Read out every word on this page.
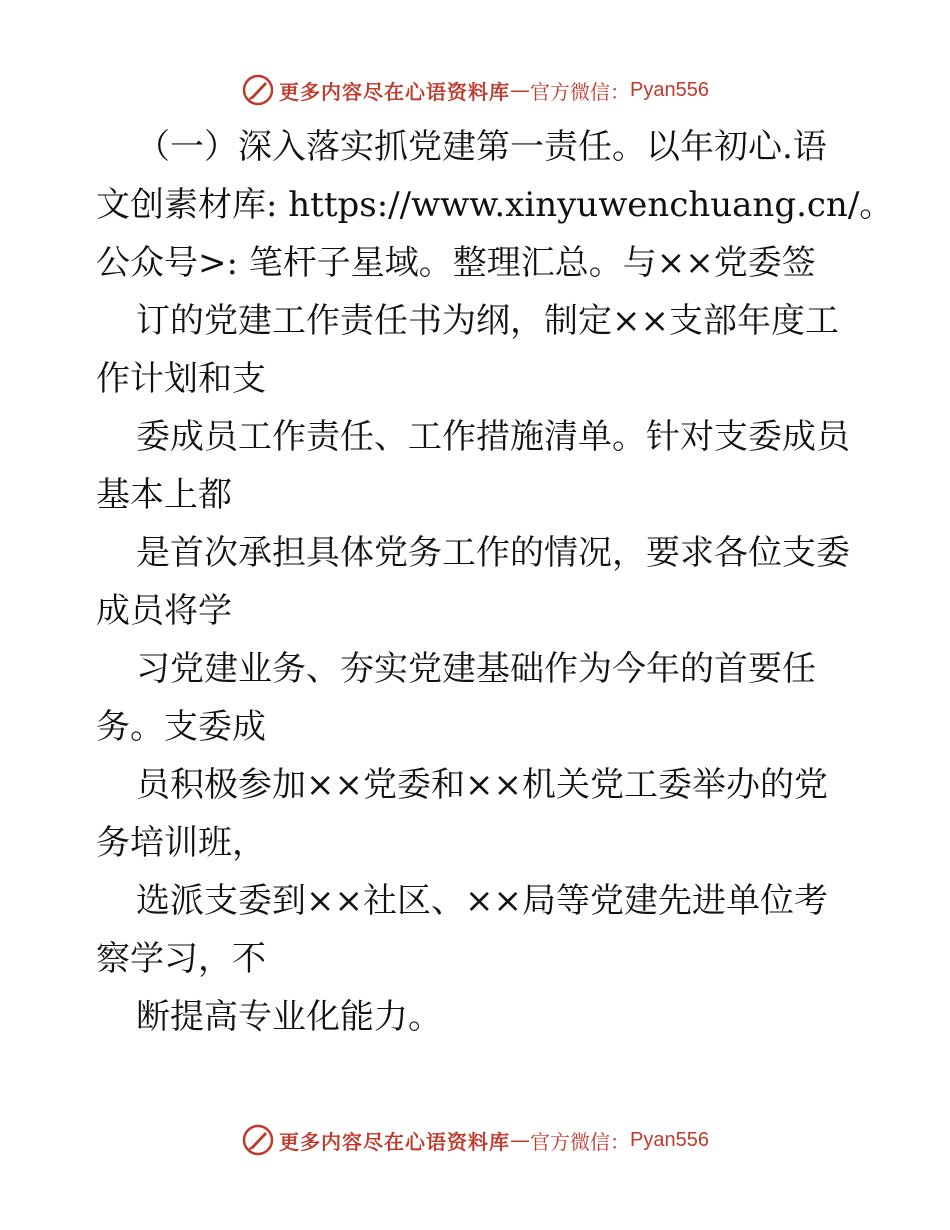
更多内容尽在心语资料库 — 官方微信： Pyan556
（一）深入落实抓党建第一责任。以年初心.语
文创素材库: https://www.xinyuwenchuang.cn/。
公众号>: 笔杆子星域。整理汇总。与××党委签
订的党建工作责任书为纲，制定××支部年度工
作计划和支
委成员工作责任、工作措施清单。针对支委成员
基本上都
是首次承担具体党务工作的情况，要求各位支委
成员将学
习党建业务、夯实党建基础作为今年的首要任
务。支委成
员积极参加××党委和××机关党工委举办的党
务培训班，
选派支委到××社区、××局等党建先进单位考
察学习，不
断提高专业化能力。
更多内容尽在心语资料库 — 官方微信： Pyan556
